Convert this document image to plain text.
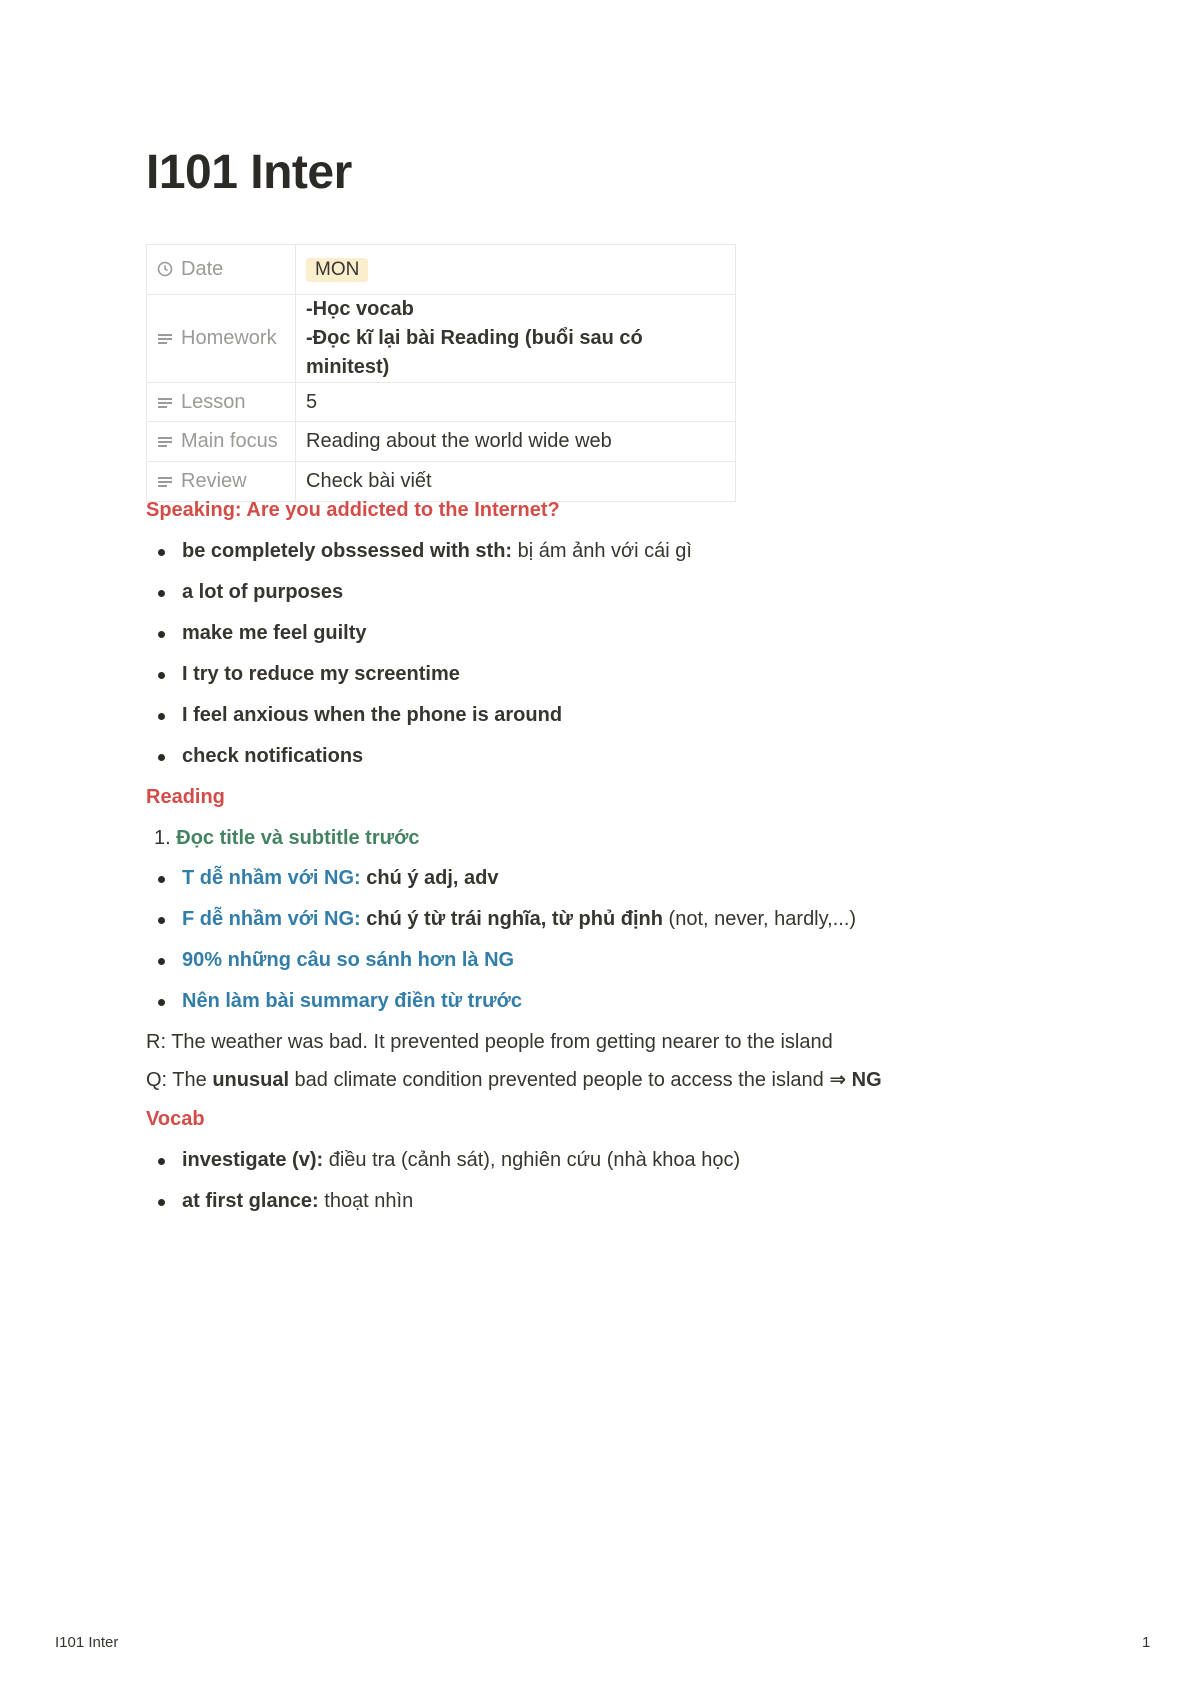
I101 Inter
Date	MON
Homework	-Học vocab
-Đọc kĩ lại bài Reading (buổi sau có minitest)

Lesson	5
Main focus	Reading about the world wide web
Review	Check bài viết
Speaking: Are you addicted to the Internet?
be completely obssessed with sth: bị ám ảnh với cái gì
a lot of purposes
make me feel guilty
I try to reduce my screentime
I feel anxious when the phone is around
check notifications
Reading
1. Đọc title và subtitle trước
T dễ nhầm với NG: chú ý adj, adv
F dễ nhầm với NG: chú ý từ trái nghĩa, từ phủ định (not, never, hardly,...)
90% những câu so sánh hơn là NG
Nên làm bài summary điền từ trước
R: The weather was bad. It prevented people from getting nearer to the island
Q: The unusual bad climate condition prevented people to access the island ⇒ NG
Vocab
investigate (v): điều tra (cảnh sát), nghiên cứu (nhà khoa học)
at first glance: thoạt nhìn
I101 Inter	1
